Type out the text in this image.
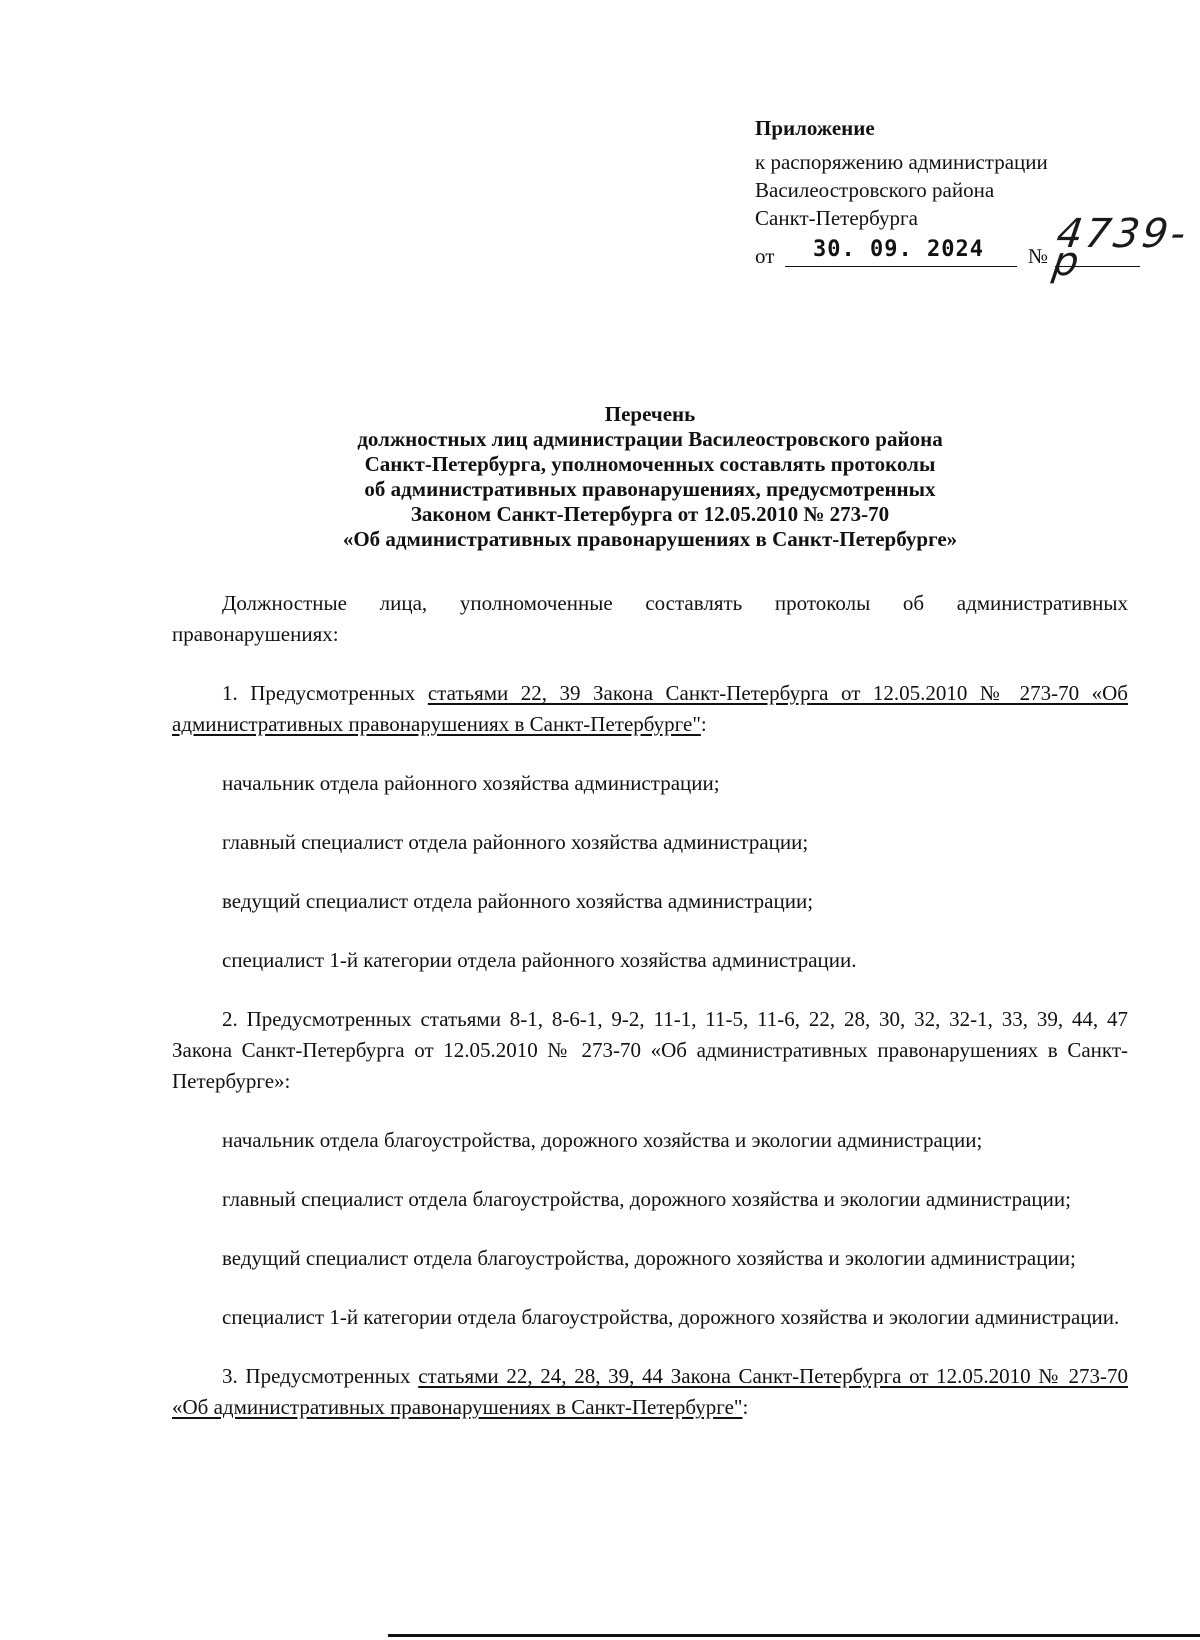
Приложение
к распоряжению администрации
Василеостровского района
Санкт-Петербурга
от 30. 09. 2024 № 4739-р
Перечень
должностных лиц администрации Василеостровского района
Санкт-Петербурга, уполномоченных составлять протоколы
об административных правонарушениях, предусмотренных
Законом Санкт-Петербурга от 12.05.2010 № 273-70
«Об административных правонарушениях в Санкт-Петербурге»

Должностные лица, уполномоченные составлять протоколы об административных правонарушениях:

1. Предусмотренных статьями 22, 39 Закона Санкт-Петербурга от 12.05.2010 № 273-70 «Об административных правонарушениях в Санкт-Петербурге":

начальник отдела районного хозяйства администрации;

главный специалист отдела районного хозяйства администрации;

ведущий специалист отдела районного хозяйства администрации;

специалист 1-й категории отдела районного хозяйства администрации.

2. Предусмотренных статьями 8-1, 8-6-1, 9-2, 11-1, 11-5, 11-6, 22, 28, 30, 32, 32-1, 33, 39, 44, 47 Закона Санкт-Петербурга от 12.05.2010 № 273-70 «Об административных правонарушениях в Санкт-Петербурге»:

начальник отдела благоустройства, дорожного хозяйства и экологии администрации;

главный специалист отдела благоустройства, дорожного хозяйства и экологии администрации;

ведущий специалист отдела благоустройства, дорожного хозяйства и экологии администрации;

специалист 1-й категории отдела благоустройства, дорожного хозяйства и экологии администрации.

3. Предусмотренных статьями 22, 24, 28, 39, 44 Закона Санкт-Петербурга от 12.05.2010 № 273-70 «Об административных правонарушениях в Санкт-Петербурге":
